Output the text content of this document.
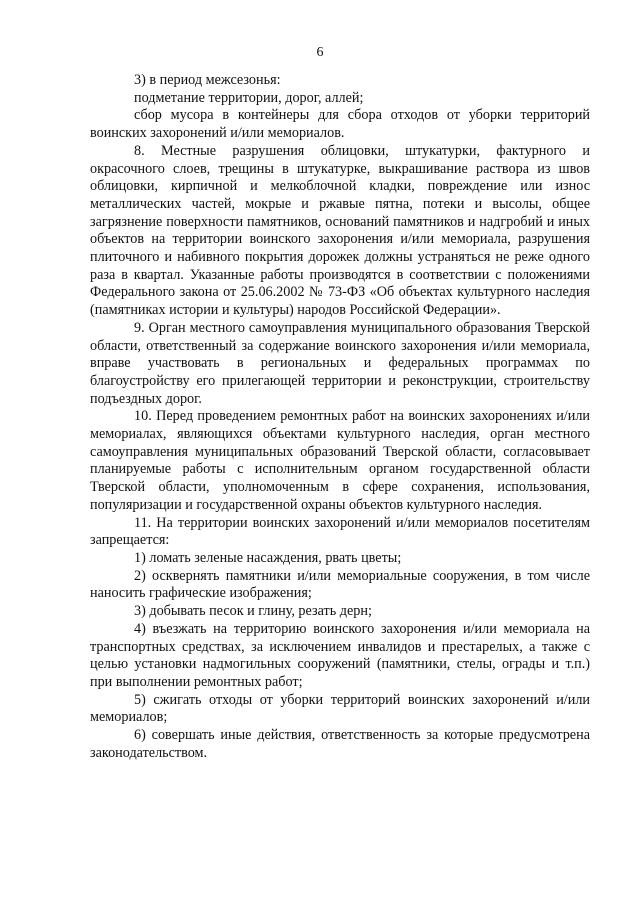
6

3) в период межсезонья:

подметание территории, дорог, аллей;

сбор мусора в контейнеры для сбора отходов от уборки территорий воинских захоронений и/или мемориалов.

8. Местные разрушения облицовки, штукатурки, фактурного и окрасочного слоев, трещины в штукатурке, выкрашивание раствора из швов облицовки, кирпичной и мелкоблочной кладки, повреждение или износ металлических частей, мокрые и ржавые пятна, потеки и высолы, общее загрязнение поверхности памятников, оснований памятников и надгробий и иных объектов на территории воинского захоронения и/или мемориала, разрушения плиточного и набивного покрытия дорожек должны устраняться не реже одного раза в квартал. Указанные работы производятся в соответствии с положениями Федерального закона от 25.06.2002 № 73-ФЗ «Об объектах культурного наследия (памятниках истории и культуры) народов Российской Федерации».

9. Орган местного самоуправления муниципального образования Тверской области, ответственный за содержание воинского захоронения и/или мемориала, вправе участвовать в региональных и федеральных программах по благоустройству его прилегающей территории и реконструкции, строительству подъездных дорог.

10. Перед проведением ремонтных работ на воинских захоронениях и/или мемориалах, являющихся объектами культурного наследия, орган местного самоуправления муниципальных образований Тверской области, согласовывает планируемые работы с исполнительным органом государственной области Тверской области, уполномоченным в сфере сохранения, использования, популяризации и государственной охраны объектов культурного наследия.

11. На территории воинских захоронений и/или мемориалов посетителям запрещается:

1) ломать зеленые насаждения, рвать цветы;

2) осквернять памятники и/или мемориальные сооружения, в том числе наносить графические изображения;

3) добывать песок и глину, резать дерн;

4) въезжать на территорию воинского захоронения и/или мемориала на транспортных средствах, за исключением инвалидов и престарелых, а также с целью установки надмогильных сооружений (памятники, стелы, ограды и т.п.) при выполнении ремонтных работ;

5) сжигать отходы от уборки территорий воинских захоронений и/или мемориалов;

6) совершать иные действия, ответственность за которые предусмотрена законодательством.
